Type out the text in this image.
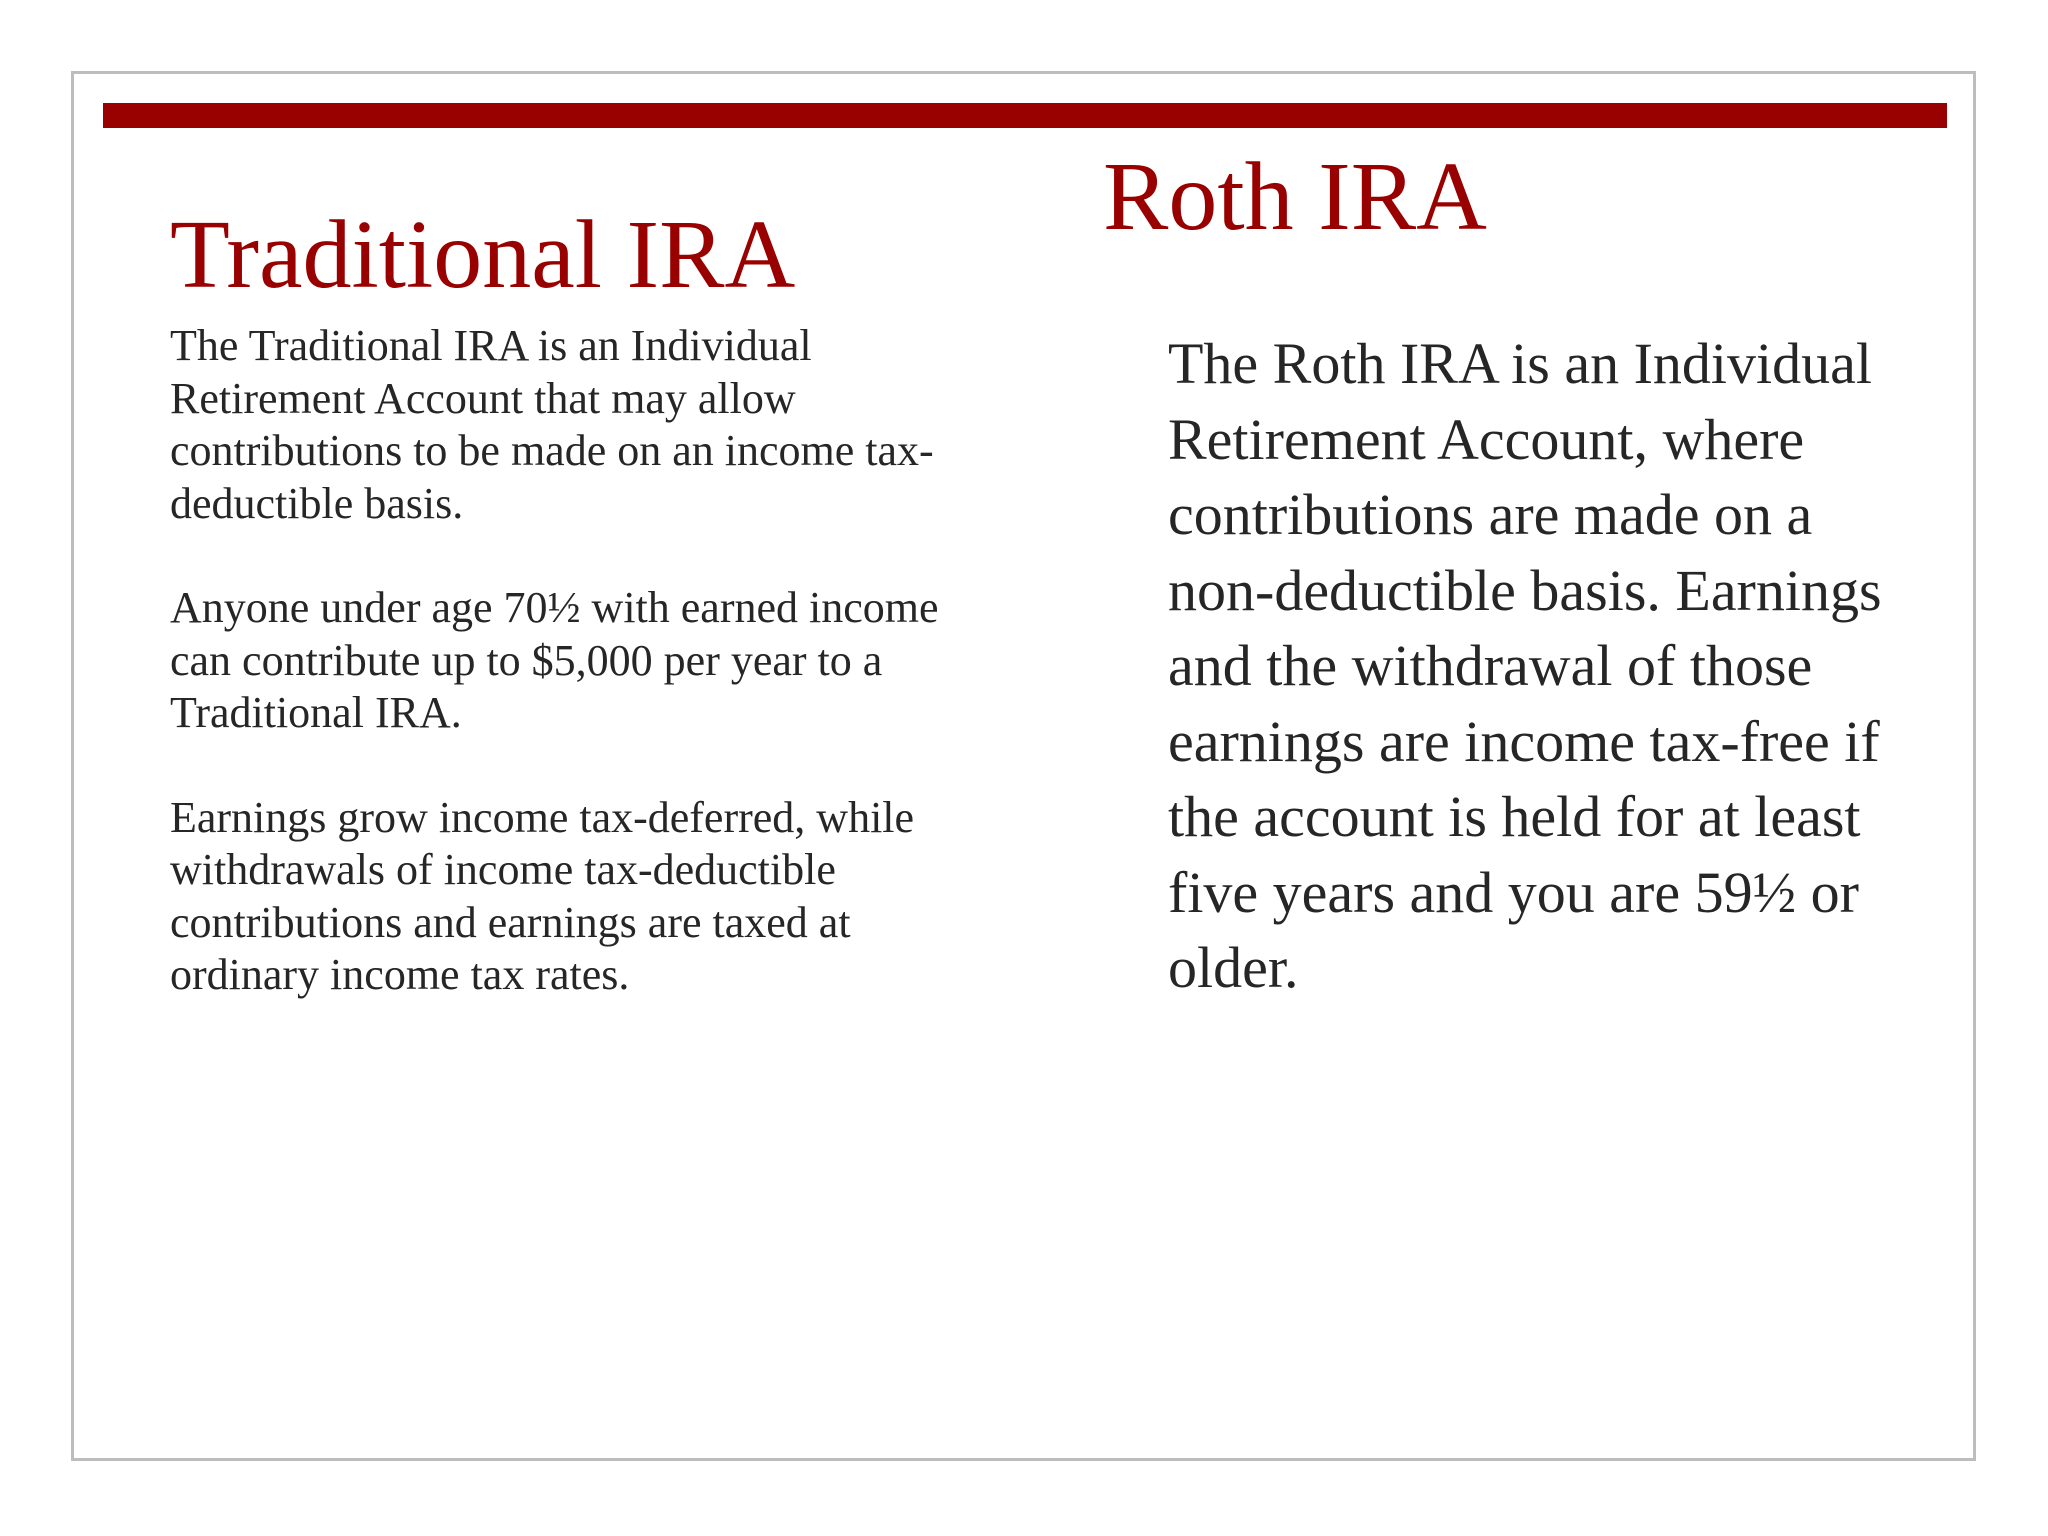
Traditional IRA

The Traditional IRA is an Individual Retirement Account that may allow contributions to be made on an income tax-deductible basis.

Anyone under age 70½ with earned income can contribute up to $5,000 per year to a Traditional IRA.

Earnings grow income tax-deferred, while withdrawals of income tax-deductible contributions and earnings are taxed at ordinary income tax rates.

Roth IRA

The Roth IRA is an Individual Retirement Account, where contributions are made on a non-deductible basis. Earnings and the withdrawal of those earnings are income tax-free if the account is held for at least five years and you are 59½ or older.
